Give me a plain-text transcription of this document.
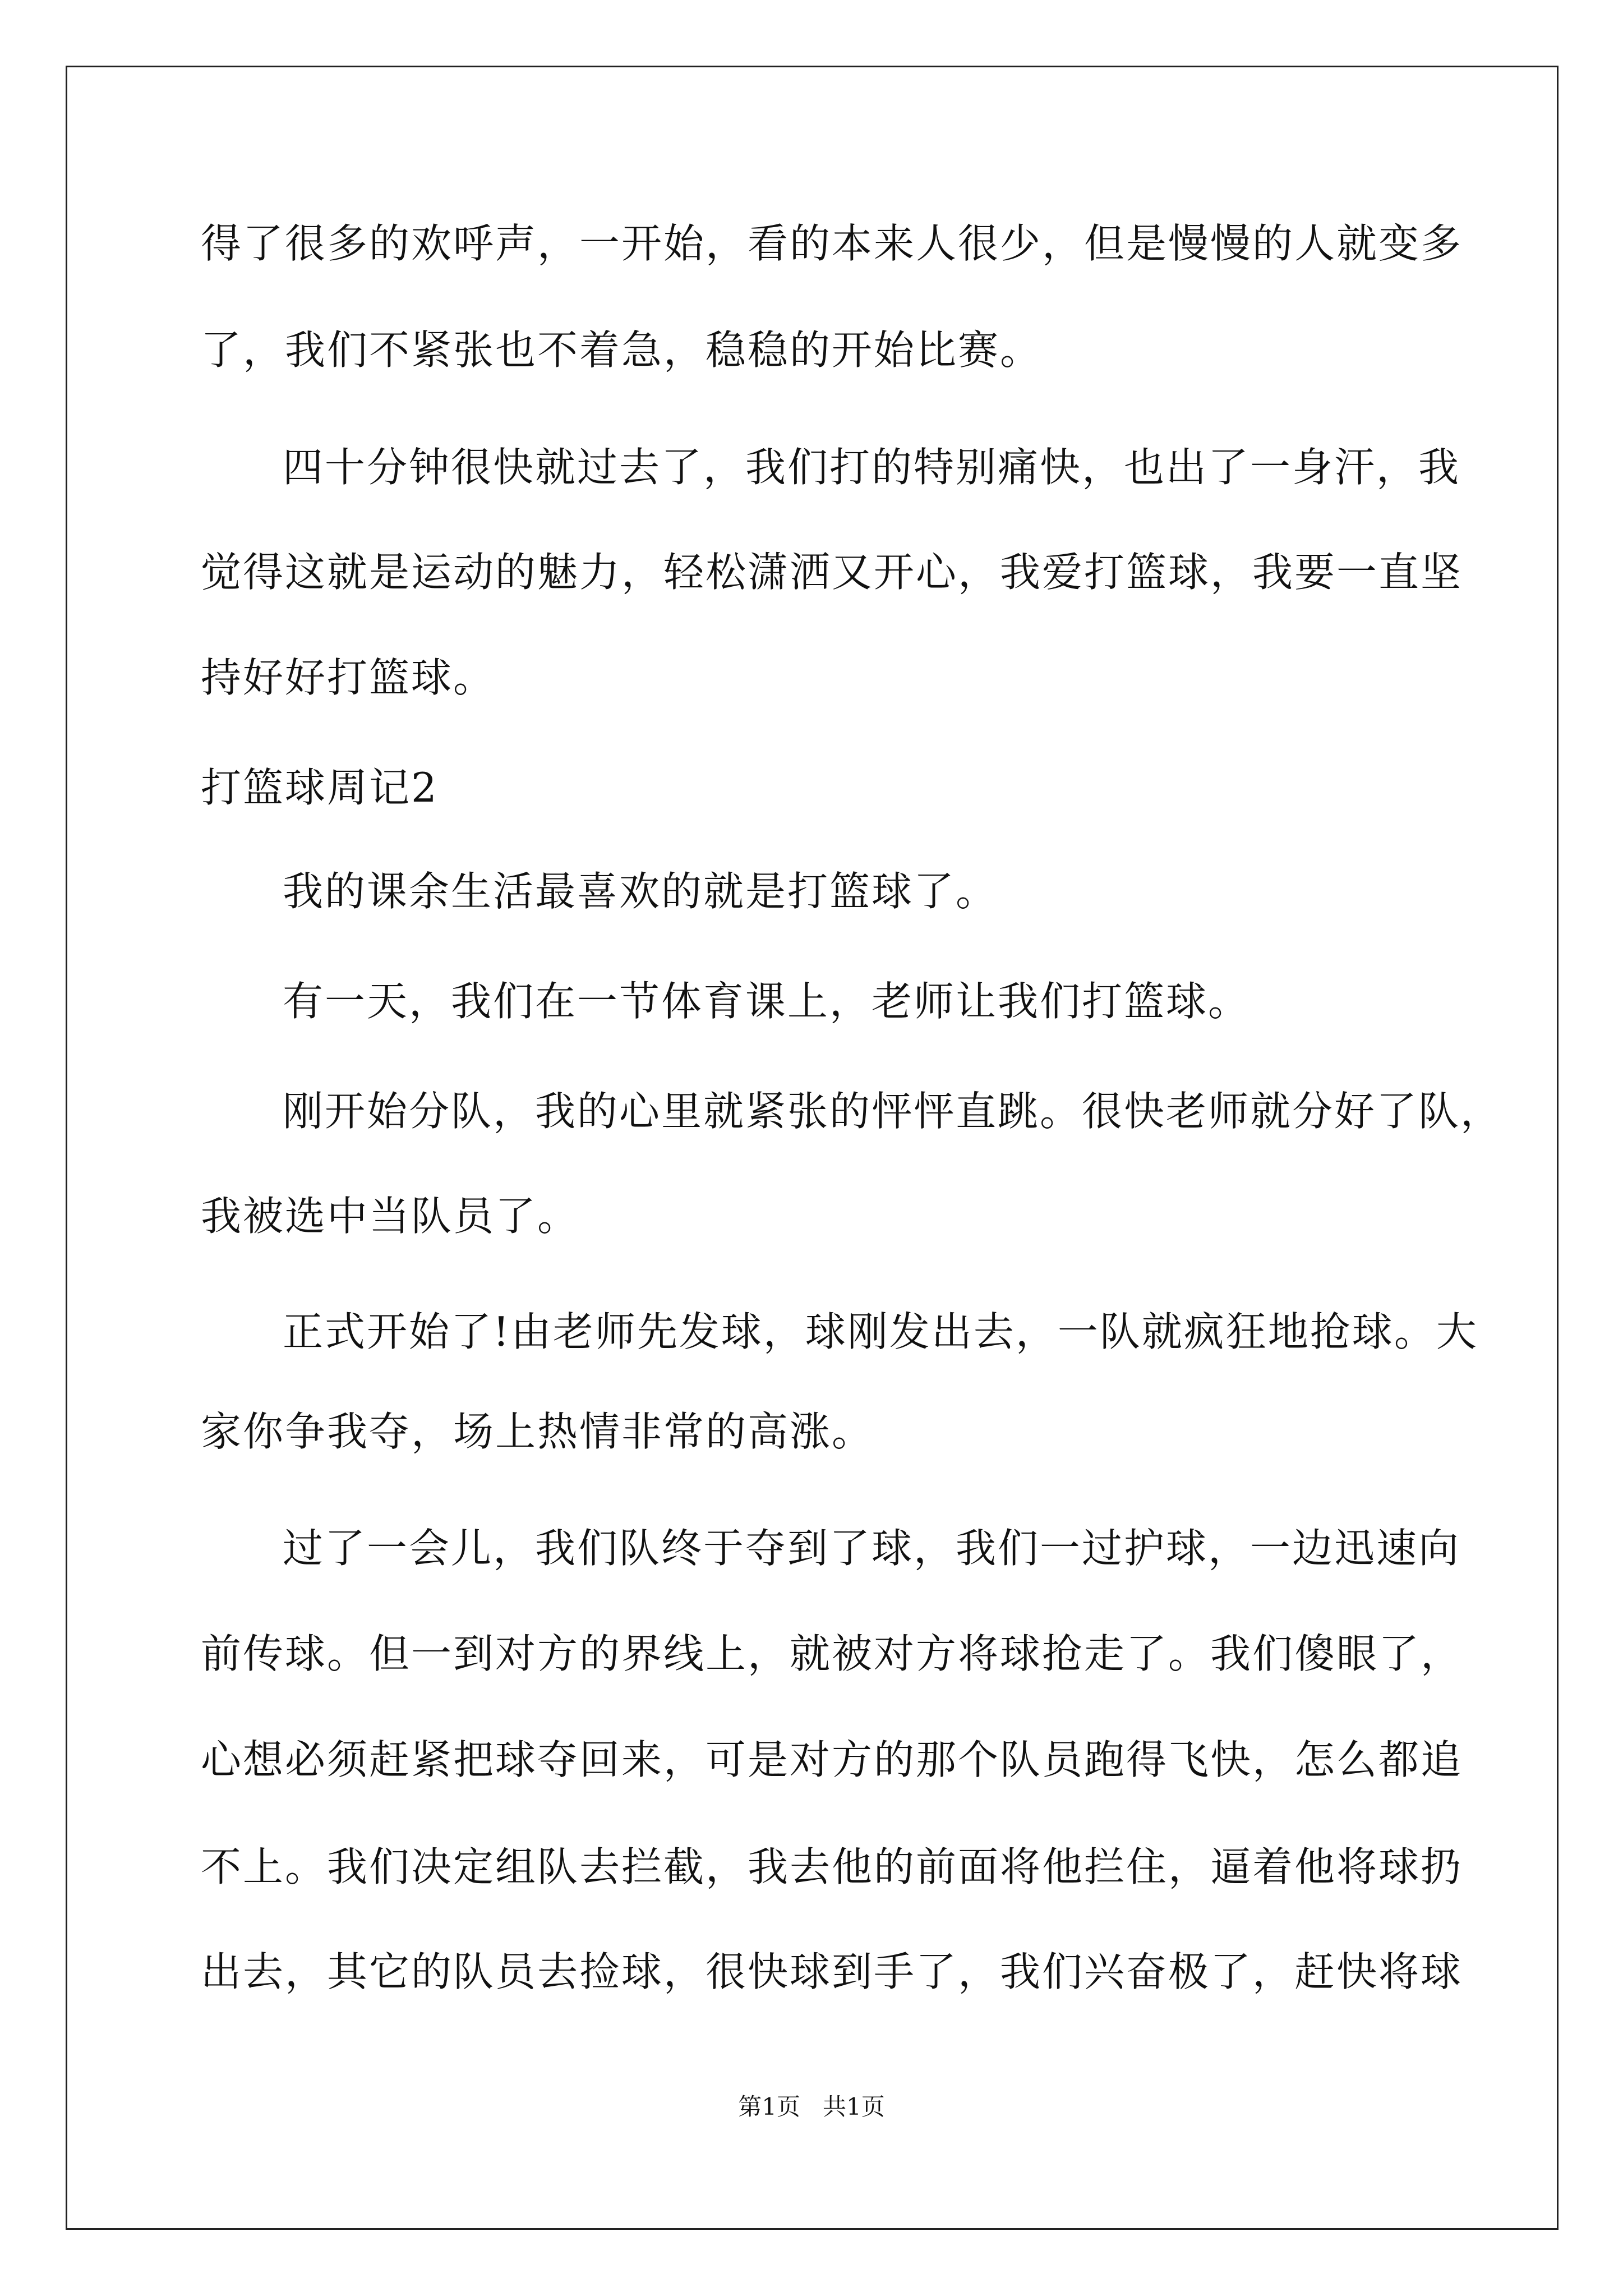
得了很多的欢呼声，一开始，看的本来人很少，但是慢慢的人就变多
了，我们不紧张也不着急，稳稳的开始比赛。
四十分钟很快就过去了，我们打的特别痛快，也出了一身汗，我
觉得这就是运动的魅力，轻松潇洒又开心，我爱打篮球，我要一直坚
持好好打篮球。
打篮球周记2
我的课余生活最喜欢的就是打篮球了。
有一天，我们在一节体育课上，老师让我们打篮球。
刚开始分队，我的心里就紧张的怦怦直跳。很快老师就分好了队，
我被选中当队员了。
正式开始了!由老师先发球，球刚发出去，一队就疯狂地抢球。大
家你争我夺，场上热情非常的高涨。
过了一会儿，我们队终于夺到了球，我们一过护球，一边迅速向
前传球。但一到对方的界线上，就被对方将球抢走了。我们傻眼了，
心想必须赶紧把球夺回来，可是对方的那个队员跑得飞快，怎么都追
不上。我们决定组队去拦截，我去他的前面将他拦住，逼着他将球扔
出去，其它的队员去捡球，很快球到手了，我们兴奋极了，赶快将球
第1页   共1页
